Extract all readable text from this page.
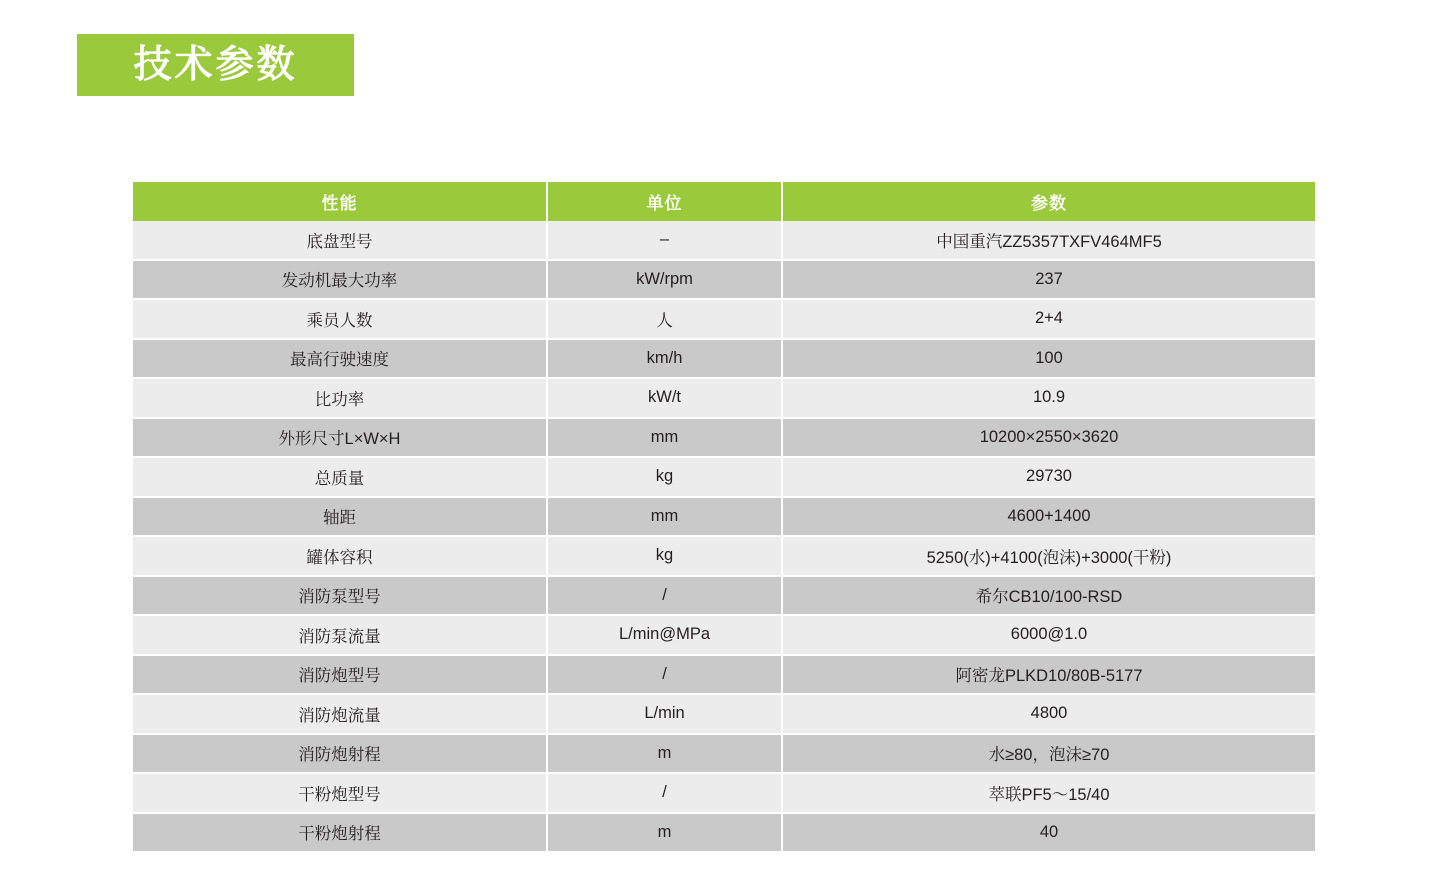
技术参数
性能	单位	参数
底盘型号	–	中国重汽ZZ5357TXFV464MF5
发动机最大功率	kW/rpm	237
乘员人数	人	2+4
最高行驶速度	km/h	100
比功率	kW/t	10.9
外形尺寸L×W×H	mm	10200×2550×3620
总质量	kg	29730
轴距	mm	4600+1400
罐体容积	kg	5250(水)+4100(泡沫)+3000(干粉)
消防泵型号	/	希尔CB10/100-RSD
消防泵流量	L/min@MPa	6000@1.0
消防炮型号	/	阿密龙PLKD10/80B-5177
消防炮流量	L/min	4800
消防炮射程	m	水≥80，泡沫≥70
干粉炮型号	/	萃联PF5～15/40
干粉炮射程	m	40
